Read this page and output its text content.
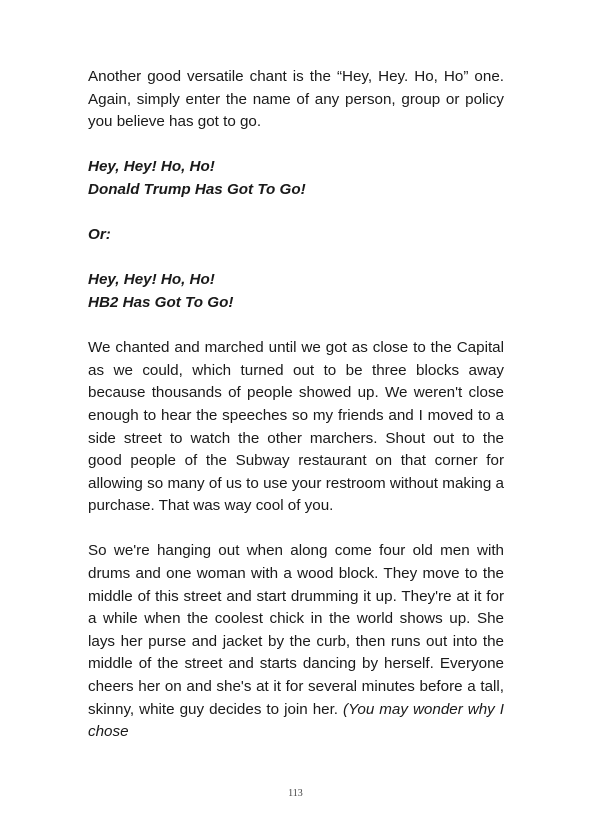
Another good versatile chant is the “Hey, Hey. Ho, Ho” one. Again, simply enter the name of any person, group or policy you believe has got to go.

Hey, Hey! Ho, Ho!
Donald Trump Has Got To Go!

Or:

Hey, Hey! Ho, Ho!
HB2 Has Got To Go!

We chanted and marched until we got as close to the Capital as we could, which turned out to be three blocks away because thousands of people showed up. We weren't close enough to hear the speeches so my friends and I moved to a side street to watch the other marchers. Shout out to the good people of the Subway restaurant on that corner for allowing so many of us to use your restroom without making a purchase. That was way cool of you.

So we're hanging out when along come four old men with drums and one woman with a wood block. They move to the middle of this street and start drumming it up. They're at it for a while when the coolest chick in the world shows up. She lays her purse and jacket by the curb, then runs out into the middle of the street and starts dancing by herself. Everyone cheers her on and she's at it for several minutes before a tall, skinny, white guy decides to join her. (You may wonder why I chose

113
